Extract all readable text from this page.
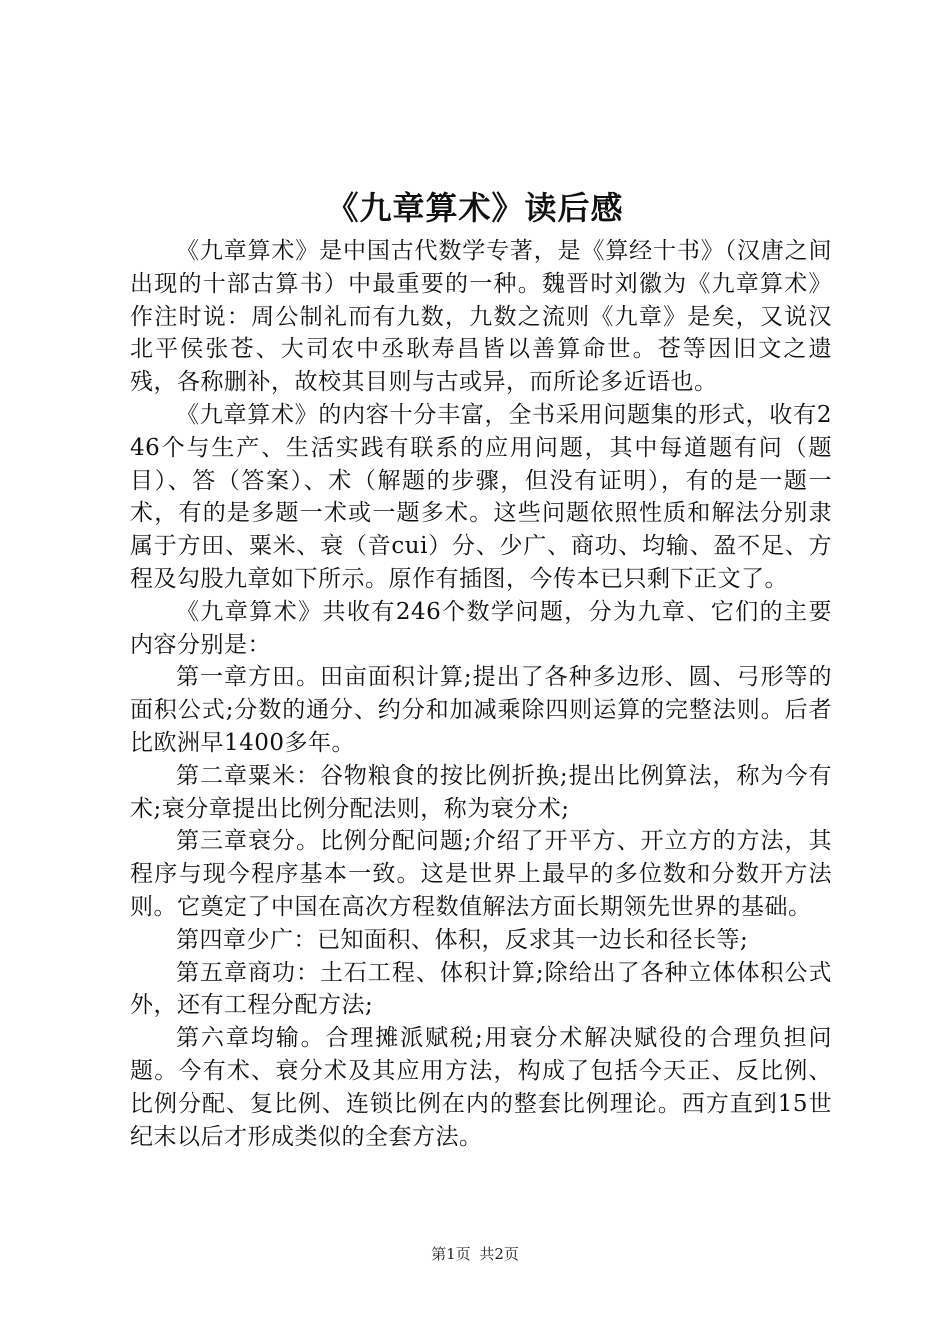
《九章算术》读后感

《九章算术》是中国古代数学专著，是《算经十书》（汉唐之间出现的十部古算书）中最重要的一种。魏晋时刘徽为《九章算术》作注时说：周公制礼而有九数，九数之流则《九章》是矣，又说汉北平侯张苍、大司农中丞耿寿昌皆以善算命世。苍等因旧文之遗残，各称删补，故校其目则与古或异，而所论多近语也。

《九章算术》的内容十分丰富，全书采用问题集的形式，收有246个与生产、生活实践有联系的应用问题，其中每道题有问（题目）、答（答案）、术（解题的步骤，但没有证明），有的是一题一术，有的是多题一术或一题多术。这些问题依照性质和解法分别隶属于方田、粟米、衰（音cui）分、少广、商功、均输、盈不足、方程及勾股九章如下所示。原作有插图，今传本已只剩下正文了。

《九章算术》共收有246个数学问题，分为九章、它们的主要内容分别是：

第一章方田。田亩面积计算;提出了各种多边形、圆、弓形等的面积公式;分数的通分、约分和加减乘除四则运算的完整法则。后者比欧洲早1400多年。

第二章粟米：谷物粮食的按比例折换;提出比例算法，称为今有术;衰分章提出比例分配法则，称为衰分术;

第三章衰分。比例分配问题;介绍了开平方、开立方的方法，其程序与现今程序基本一致。这是世界上最早的多位数和分数开方法则。它奠定了中国在高次方程数值解法方面长期领先世界的基础。

第四章少广：已知面积、体积，反求其一边长和径长等;

第五章商功：土石工程、体积计算;除给出了各种立体体积公式外，还有工程分配方法;

第六章均输。合理摊派赋税;用衰分术解决赋役的合理负担问题。今有术、衰分术及其应用方法，构成了包括今天正、反比例、比例分配、复比例、连锁比例在内的整套比例理论。西方直到15世纪末以后才形成类似的全套方法。

第1页 共2页
